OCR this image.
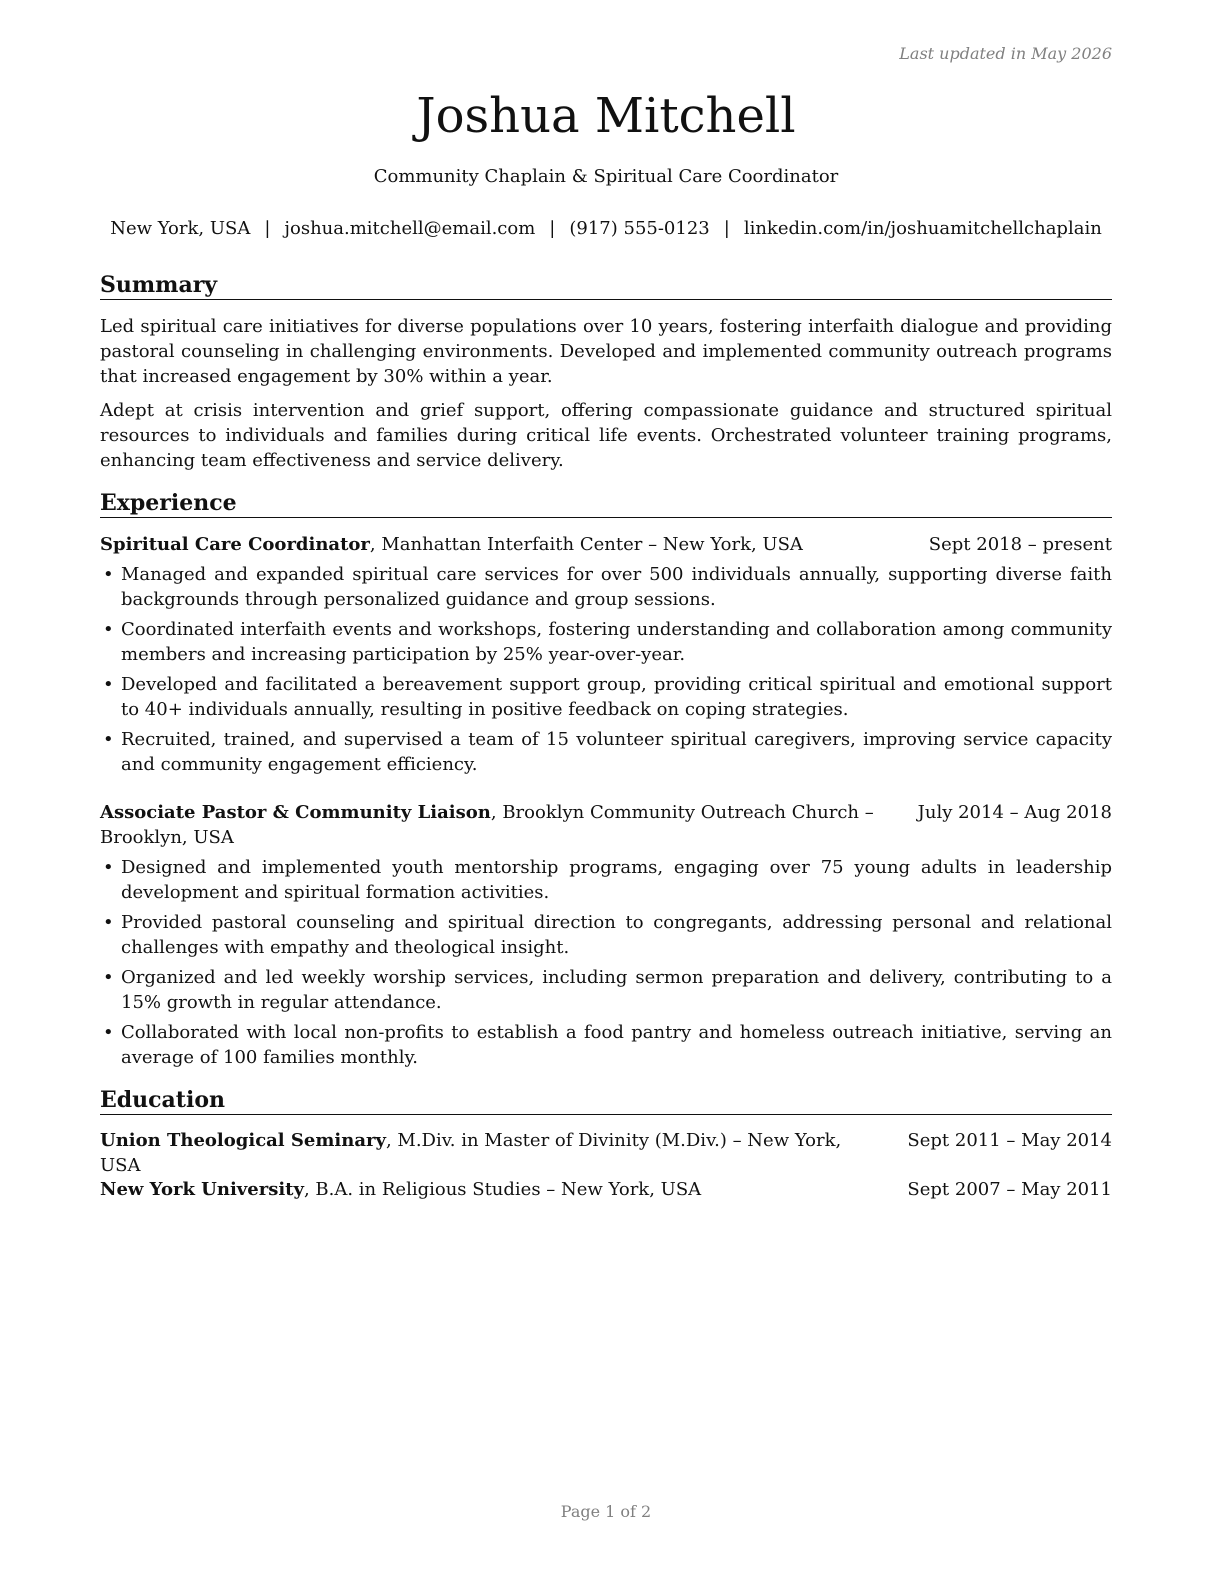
Last updated in May 2026
Joshua Mitchell
Community Chaplain & Spiritual Care Coordinator
New York, USA | joshua.mitchell@email.com | (917) 555-0123 | linkedin.com/in/joshuamitchellchaplain
Summary

Led spiritual care initiatives for diverse populations over 10 years, fostering interfaith dialogue and providing pastoral counseling in challenging environments. Developed and implemented community outreach programs that increased engagement by 30% within a year.

Adept at crisis intervention and grief support, offering compassionate guidance and structured spiritual resources to individuals and families during critical life events. Orchestrated volunteer training programs, enhancing team effectiveness and service delivery.

Experience
Spiritual Care Coordinator, Manhattan Interfaith Center – New York, USA	Sept 2018 – present
• Managed and expanded spiritual care services for over 500 individuals annually, supporting diverse faith backgrounds through personalized guidance and group sessions.
• Coordinated interfaith events and workshops, fostering understanding and collaboration among community members and increasing participation by 25% year-over-year.
• Developed and facilitated a bereavement support group, providing critical spiritual and emotional support to 40+ individuals annually, resulting in positive feedback on coping strategies.
• Recruited, trained, and supervised a team of 15 volunteer spiritual caregivers, improving service capacity and community engagement efficiency.
Associate Pastor & Community Liaison, Brooklyn Community Outreach Church – Brooklyn, USA
July 2014 – Aug 2018
• Designed and implemented youth mentorship programs, engaging over 75 young adults in leadership development and spiritual formation activities.
• Provided pastoral counseling and spiritual direction to congregants, addressing personal and relational challenges with empathy and theological insight.
• Organized and led weekly worship services, including sermon preparation and delivery, contributing to a 15% growth in regular attendance.
• Collaborated with local non-profits to establish a food pantry and homeless outreach initiative, serving an average of 100 families monthly.
Education
Union Theological Seminary, M.Div. in Master of Divinity (M.Div.) – New York, USA
Sept 2011 – May 2014
New York University, B.A. in Religious Studies – New York, USA	Sept 2007 – May 2011
Page 1 of 2
